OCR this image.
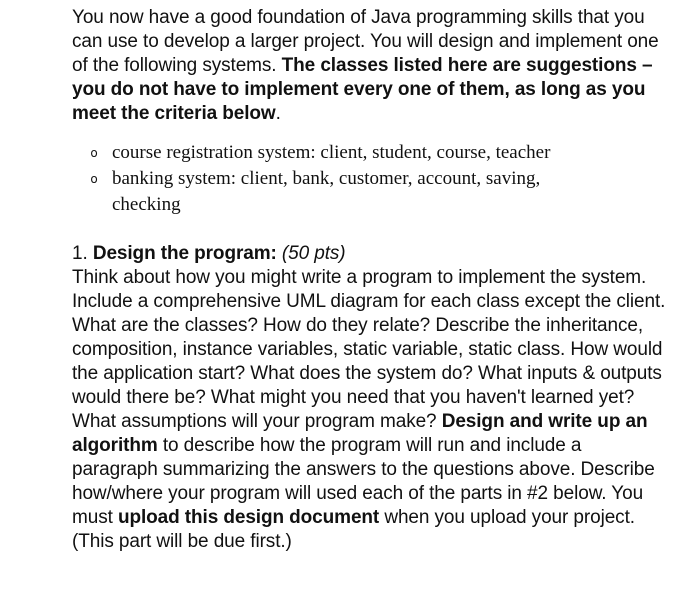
You now have a good foundation of Java programming skills that you can use to develop a larger project. You will design and implement one of the following systems. The classes listed here are suggestions – you do not have to implement every one of them, as long as you meet the criteria below.

o course registration system: client, student, course, teacher
o banking system: client, bank, customer, account, saving, checking

1. Design the program: (50 pts)

Think about how you might write a program to implement the system. Include a comprehensive UML diagram for each class except the client. What are the classes? How do they relate? Describe the inheritance, composition, instance variables, static variable, static class. How would the application start? What does the system do? What inputs & outputs would there be? What might you need that you haven't learned yet? What assumptions will your program make? Design and write up an algorithm to describe how the program will run and include a paragraph summarizing the answers to the questions above. Describe how/where your program will used each of the parts in #2 below. You must upload this design document when you upload your project. (This part will be due first.)
